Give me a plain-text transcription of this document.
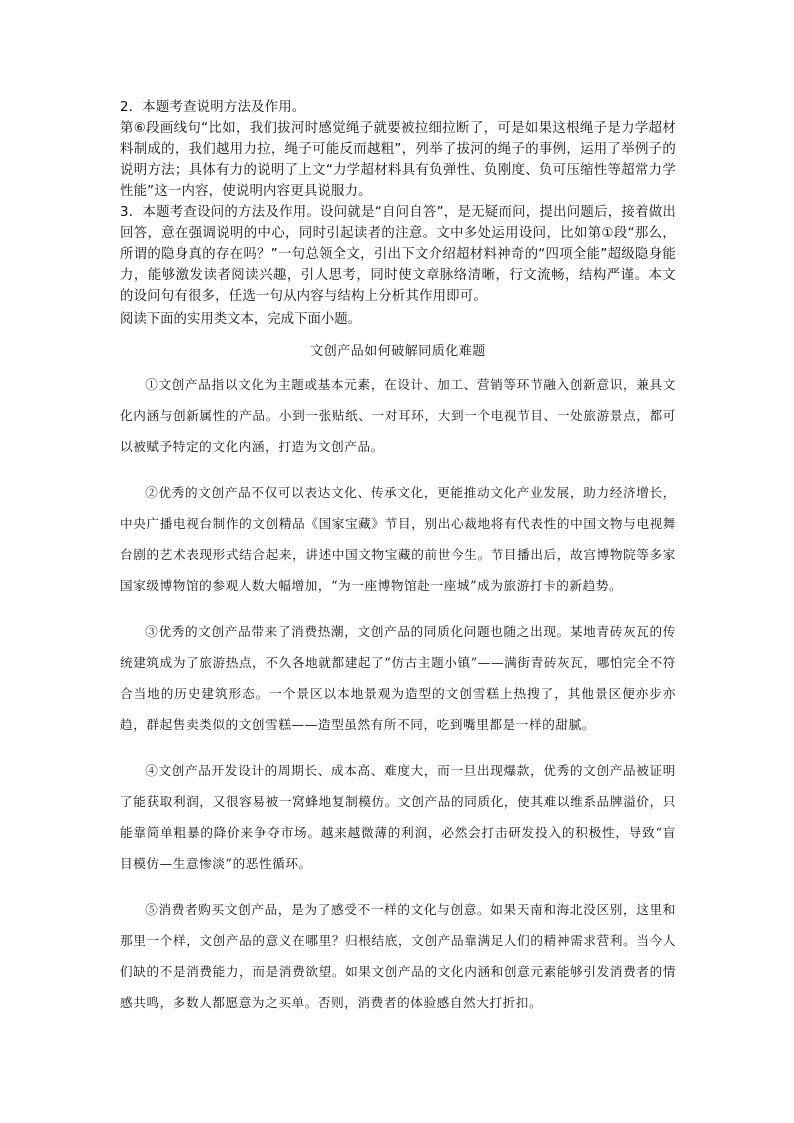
2．本题考查说明方法及作用。

第⑥段画线句“比如，我们拔河时感觉绳子就要被拉细拉断了，可是如果这根绳子是力学超材料制成的，我们越用力拉，绳子可能反而越粗”，列举了拔河的绳子的事例，运用了举例子的说明方法；具体有力的说明了上文“力学超材料具有负弹性、负刚度、负可压缩性等超常力学性能”这一内容，使说明内容更具说服力。

3．本题考查设问的方法及作用。设问就是“自问自答”，是无疑而问，提出问题后，接着做出回答，意在强调说明的中心，同时引起读者的注意。文中多处运用设问，比如第①段“那么，所谓的隐身真的存在吗？”一句总领全文，引出下文介绍超材料神奇的“四项全能”超级隐身能力，能够激发读者阅读兴趣，引人思考，同时使文章脉络清晰，行文流畅，结构严谨。本文的设问句有很多，任选一句从内容与结构上分析其作用即可。

阅读下面的实用类文本，完成下面小题。

文创产品如何破解同质化难题

①文创产品指以文化为主题或基本元素，在设计、加工、营销等环节融入创新意识，兼具文化内涵与创新属性的产品。小到一张贴纸、一对耳环，大到一个电视节目、一处旅游景点，都可以被赋予特定的文化内涵，打造为文创产品。

②优秀的文创产品不仅可以表达文化、传承文化，更能推动文化产业发展，助力经济增长，中央广播电视台制作的文创精品《国家宝藏》节目，别出心裁地将有代表性的中国文物与电视舞台剧的艺术表现形式结合起来，讲述中国文物宝藏的前世今生。节目播出后，故宫博物院等多家国家级博物馆的参观人数大幅增加，“为一座博物馆赴一座城”成为旅游打卡的新趋势。

③优秀的文创产品带来了消费热潮，文创产品的同质化问题也随之出现。某地青砖灰瓦的传统建筑成为了旅游热点，不久各地就都建起了“仿古主题小镇”——满街青砖灰瓦，哪怕完全不符合当地的历史建筑形态。一个景区以本地景观为造型的文创雪糕上热搜了，其他景区便亦步亦趋，群起售卖类似的文创雪糕——造型虽然有所不同，吃到嘴里都是一样的甜腻。

④文创产品开发设计的周期长、成本高、难度大，而一旦出现爆款，优秀的文创产品被证明了能获取利润，又很容易被一窝蜂地复制模仿。文创产品的同质化，使其难以维系品牌溢价，只能靠简单粗暴的降价来争夺市场。越来越微薄的利润，必然会打击研发投入的积极性，导致“盲目模仿—生意惨淡”的恶性循环。

⑤消费者购买文创产品，是为了感受不一样的文化与创意。如果天南和海北没区别，这里和那里一个样，文创产品的意义在哪里？归根结底，文创产品靠满足人们的精神需求营利。当今人们缺的不是消费能力，而是消费欲望。如果文创产品的文化内涵和创意元素能够引发消费者的情感共鸣，多数人都愿意为之买单。否则，消费者的体验感自然大打折扣。
